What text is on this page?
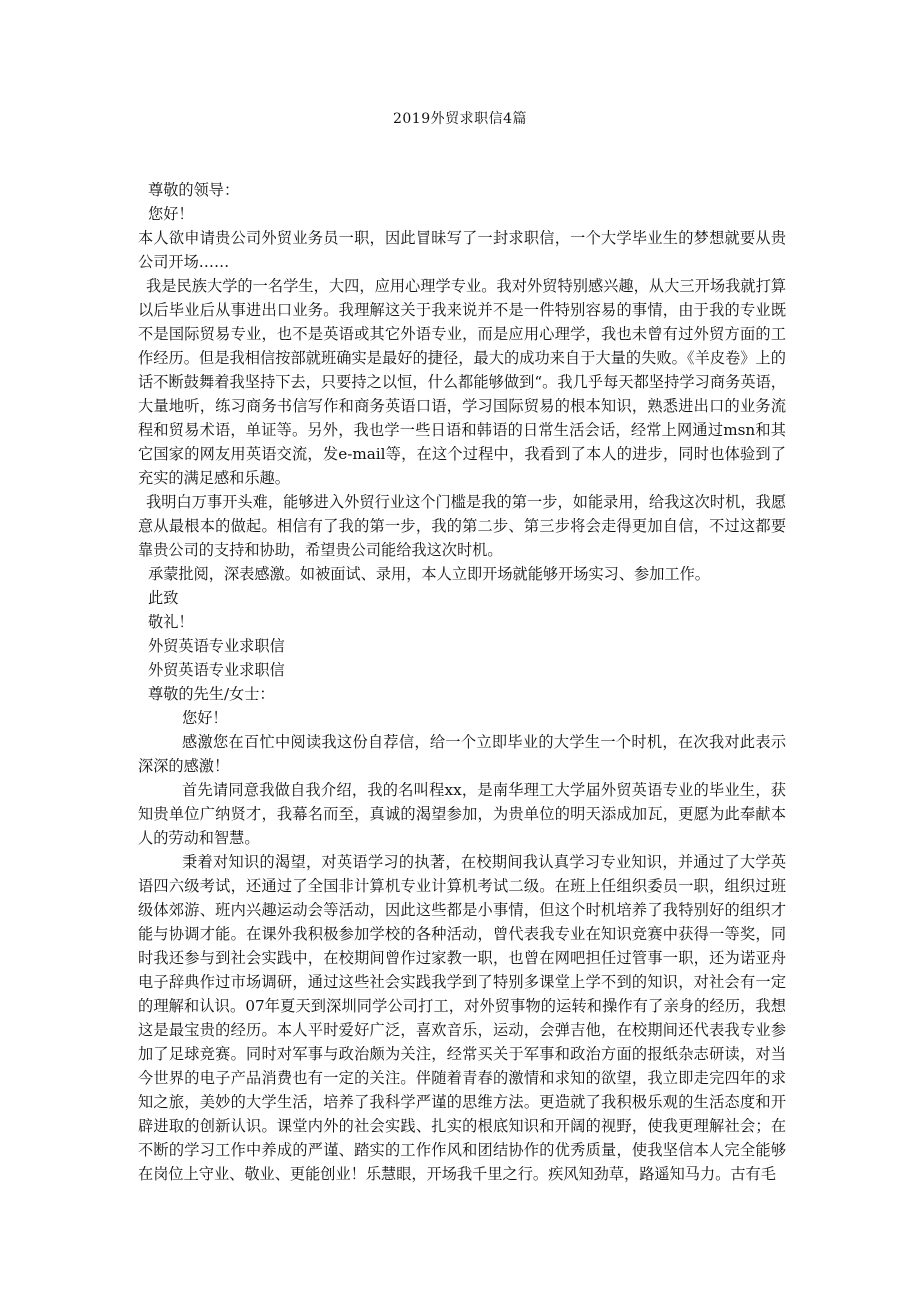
2019外贸求职信4篇

尊敬的领导：

您好！

本人欲申请贵公司外贸业务员一职，因此冒昧写了一封求职信，一个大学毕业生的梦想就要从贵公司开场……

我是民族大学的一名学生，大四，应用心理学专业。我对外贸特别感兴趣，从大三开场我就打算以后毕业后从事进出口业务。我理解这关于我来说并不是一件特别容易的事情，由于我的专业既不是国际贸易专业，也不是英语或其它外语专业，而是应用心理学，我也未曾有过外贸方面的工作经历。但是我相信按部就班确实是最好的捷径，最大的成功来自于大量的失败。《羊皮卷》上的话不断鼓舞着我坚持下去，只要持之以恒，什么都能够做到“。我几乎每天都坚持学习商务英语，大量地听，练习商务书信写作和商务英语口语，学习国际贸易的根本知识，熟悉进出口的业务流程和贸易术语，单证等。另外，我也学一些日语和韩语的日常生活会话，经常上网通过msn和其它国家的网友用英语交流，发e-mail等，在这个过程中，我看到了本人的进步，同时也体验到了充实的满足感和乐趣。

我明白万事开头难，能够进入外贸行业这个门槛是我的第一步，如能录用，给我这次时机，我愿意从最根本的做起。相信有了我的第一步，我的第二步、第三步将会走得更加自信，不过这都要靠贵公司的支持和协助，希望贵公司能给我这次时机。

承蒙批阅，深表感激。如被面试、录用，本人立即开场就能够开场实习、参加工作。

此致

敬礼！

外贸英语专业求职信

外贸英语专业求职信

尊敬的先生/女士：

您好！

感激您在百忙中阅读我这份自荐信，给一个立即毕业的大学生一个时机，在次我对此表示深深的感激！

首先请同意我做自我介绍，我的名叫程xx，是南华理工大学届外贸英语专业的毕业生，获知贵单位广纳贤才，我幕名而至，真诚的渴望参加，为贵单位的明天添成加瓦，更愿为此奉献本人的劳动和智慧。

秉着对知识的渴望，对英语学习的执著，在校期间我认真学习专业知识，并通过了大学英语四六级考试，还通过了全国非计算机专业计算机考试二级。在班上任组织委员一职，组织过班级体郊游、班内兴趣运动会等活动，因此这些都是小事情，但这个时机培养了我特别好的组织才能与协调才能。在课外我积极参加学校的各种活动，曾代表我专业在知识竞赛中获得一等奖，同时我还参与到社会实践中，在校期间曾作过家教一职，也曾在网吧担任过管事一职，还为诺亚舟电子辞典作过市场调研，通过这些社会实践我学到了特别多课堂上学不到的知识，对社会有一定的理解和认识。07年夏天到深圳同学公司打工，对外贸事物的运转和操作有了亲身的经历，我想这是最宝贵的经历。本人平时爱好广泛，喜欢音乐，运动，会弹吉他，在校期间还代表我专业参加了足球竞赛。同时对军事与政治颇为关注，经常买关于军事和政治方面的报纸杂志研读，对当今世界的电子产品消费也有一定的关注。伴随着青春的激情和求知的欲望，我立即走完四年的求知之旅，美妙的大学生活，培养了我科学严谨的思维方法。更造就了我积极乐观的生活态度和开辟进取的创新认识。课堂内外的社会实践、扎实的根底知识和开阔的视野，使我更理解社会；在不断的学习工作中养成的严谨、踏实的工作作风和团结协作的优秀质量，使我坚信本人完全能够在岗位上守业、敬业、更能创业！乐慧眼，开场我千里之行。疾风知劲草，路遥知马力。古有毛
